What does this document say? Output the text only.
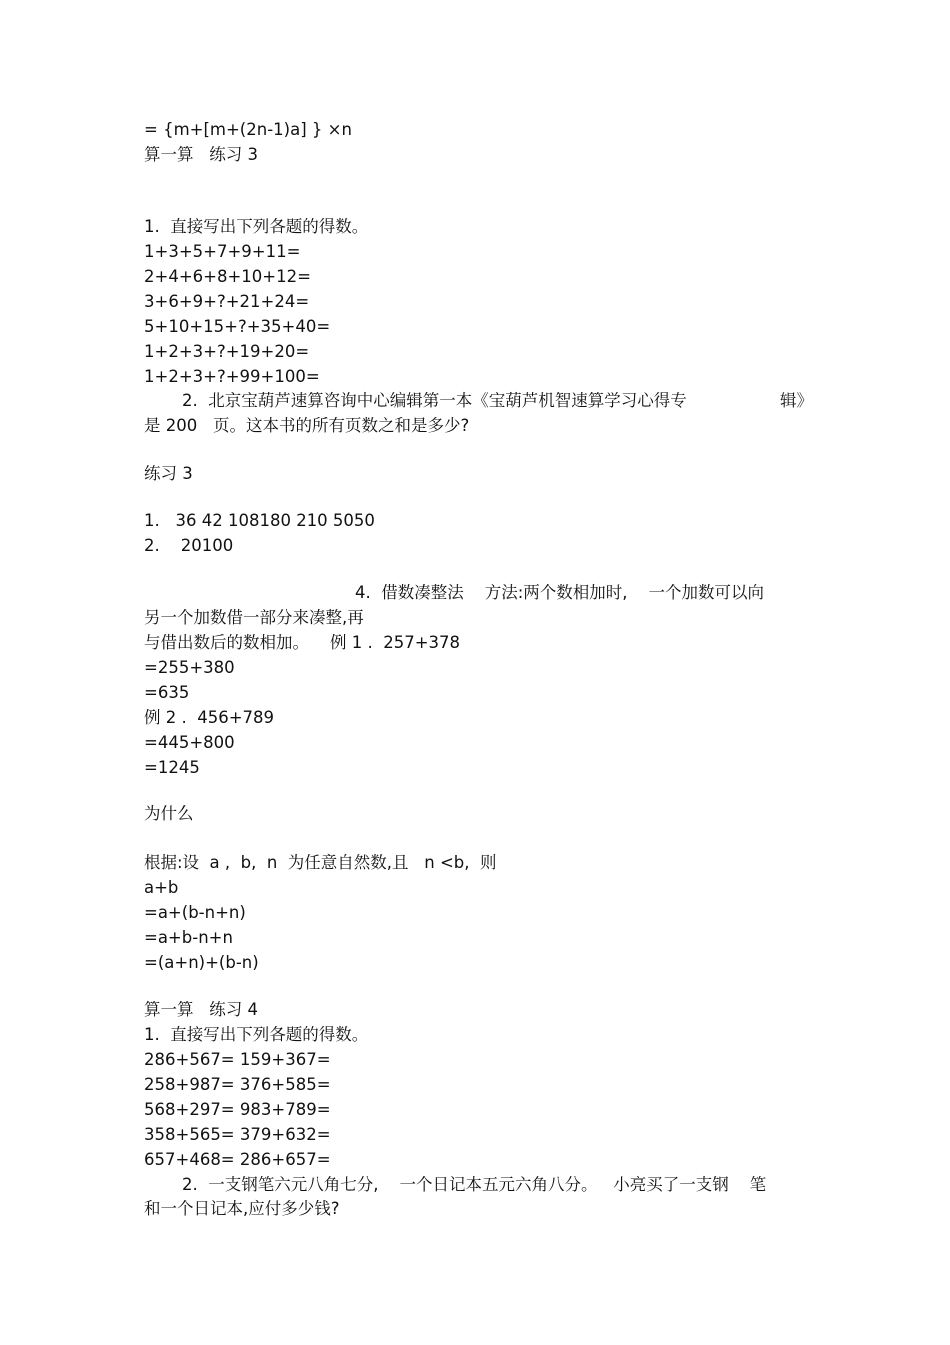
= {m+[m+(2n-1)a] } ×n
算一算   练习 3
1.  直接写出下列各题的得数。
1+3+5+7+9+11=
2+4+6+8+10+12=
3+6+9+?+21+24=
5+10+15+?+35+40=
1+2+3+?+19+20=
1+2+3+?+99+100=
2.  北京宝葫芦速算咨询中心编辑第一本《宝葫芦机智速算学习心得专	辑》
是 200   页。这本书的所有页数之和是多少?
练习 3
1.   36 42 108180 210 5050
2.    20100
4.  借数凑整法    方法:两个数相加时,    一个加数可以向
另一个加数借一部分来凑整,再
与借出数后的数相加。    例 1 .  257+378
=255+380
=635
例 2 .  456+789
=445+800
=1245
为什么
根据:设  a ,  b,  n  为任意自然数,且   n <b,  则
a+b
=a+(b-n+n)
=a+b-n+n
=(a+n)+(b-n)
算一算   练习 4
1.  直接写出下列各题的得数。
286+567= 159+367=
258+987= 376+585=
568+297= 983+789=
358+565= 379+632=
657+468= 286+657=
2.  一支钢笔六元八角七分,    一个日记本五元六角八分。   小亮买了一支钢    笔
和一个日记本,应付多少钱?
